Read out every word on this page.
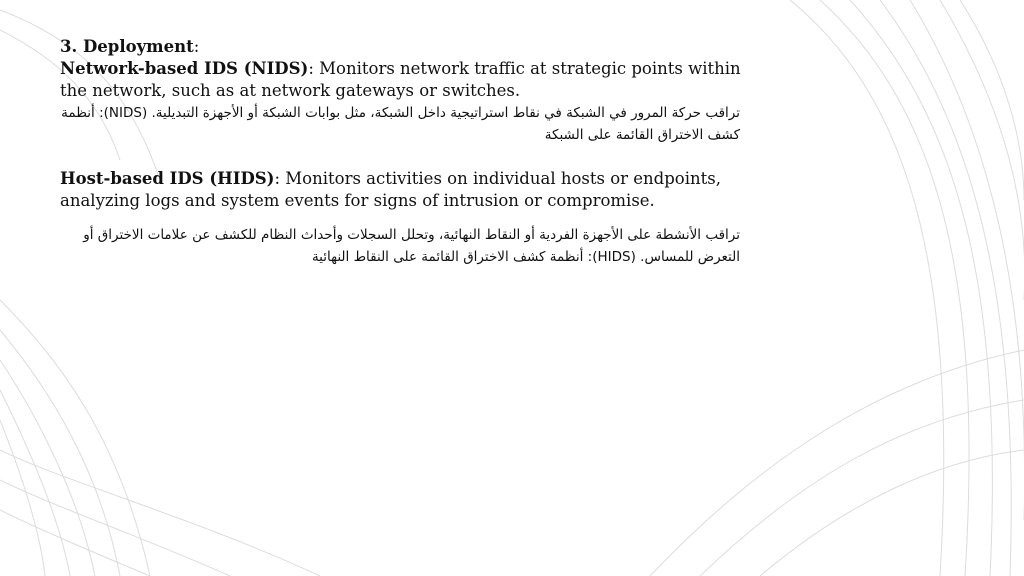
3. Deployment:

Network-based IDS (NIDS): Monitors network traffic at strategic points within the network, such as at network gateways or switches.

تراقب حركة المرور في الشبكة في نقاط استراتيجية داخل الشبكة، مثل بوابات الشبكة أو الأجهزة التبديلية. (NIDS): أنظمة كشف الاختراق القائمة على الشبكة

Host-based IDS (HIDS): Monitors activities on individual hosts or endpoints, analyzing logs and system events for signs of intrusion or compromise.

تراقب الأنشطة على الأجهزة الفردية أو النقاط النهائية، وتحلل السجلات وأحداث النظام للكشف عن علامات الاختراق أو التعرض للمساس. (HIDS): أنظمة كشف الاختراق القائمة على النقاط النهائية
